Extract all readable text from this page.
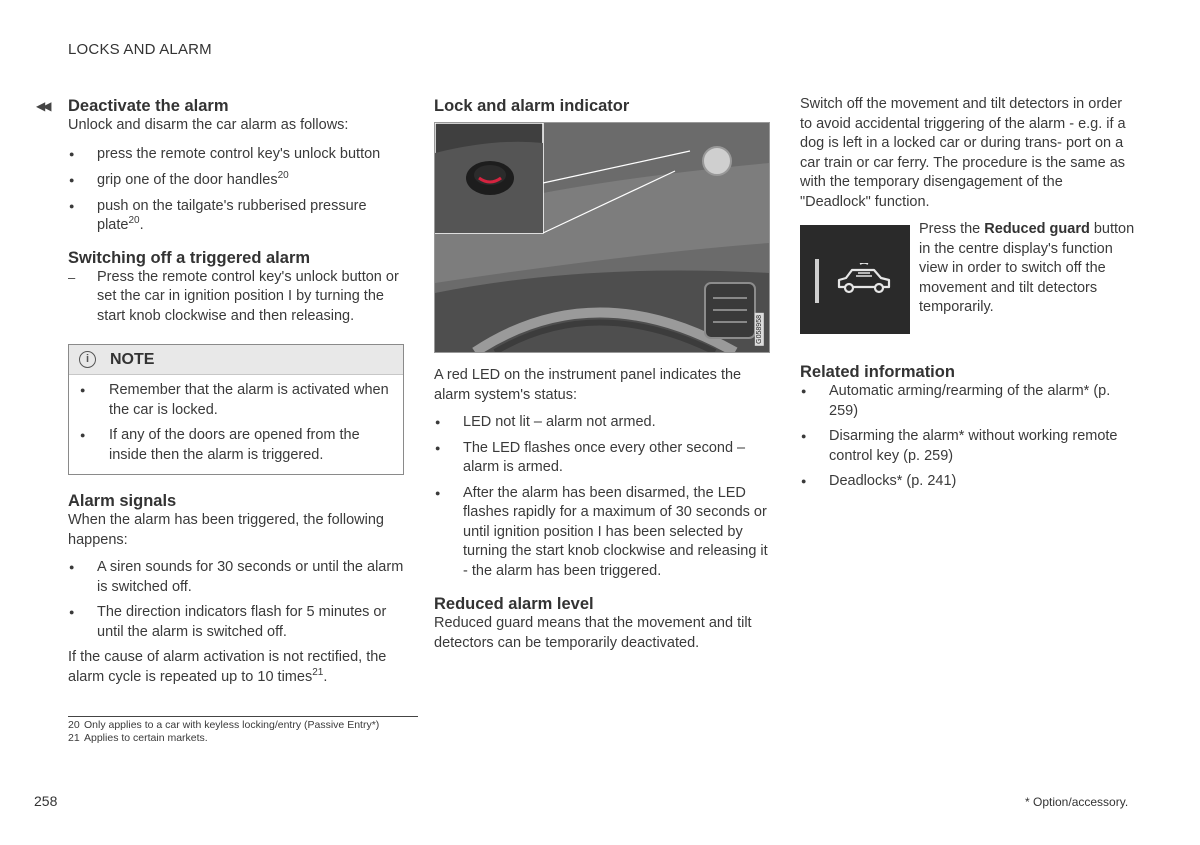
LOCKS AND ALARM
◀◀ Deactivate the alarm

Unlock and disarm the car alarm as follows:

● press the remote control key's unlock button
● grip one of the door handles$^{20}$
● push on the tailgate's rubberised pressure plate$^{20}$.
Switching off a triggered alarm
– Press the remote control key's unlock button or set the car in ignition position I by turning the start knob clockwise and then releasing.
i	NOTE
● Remember that the alarm is activated when the car is locked.
● If any of the doors are opened from the inside then the alarm is triggered.
Alarm signals

When the alarm has been triggered, the following happens:

● A siren sounds for 30 seconds or until the alarm is switched off.
● The direction indicators flash for 5 minutes or until the alarm is switched off.

If the cause of alarm activation is not rectified, the alarm cycle is repeated up to 10 times$^{21}$.

Lock and alarm indicator
G058958

A red LED on the instrument panel indicates the alarm system's status:

● LED not lit – alarm not armed.
● The LED flashes once every other second – alarm is armed.
● After the alarm has been disarmed, the LED flashes rapidly for a maximum of 30 seconds or until ignition position I has been selected by turning the start knob clockwise and releasing it - the alarm has been triggered.
Reduced alarm level

Reduced guard means that the movement and tilt detectors can be temporarily deactivated.

Switch off the movement and tilt detectors in order to avoid accidental triggering of the alarm - e.g. if a dog is left in a locked car or during trans- port on a car train or car ferry. The procedure is the same as with the temporary disengagement of the "Deadlock" function.

Press the Reduced guard button in the centre display's function view in order to switch off the movement and tilt detectors temporarily.

Related information
● Automatic arming/rearming of the alarm* (p. 259)
● Disarming the alarm* without working remote control key (p. 259)
● Deadlocks* (p. 241)
20 Only applies to a car with keyless locking/entry (Passive Entry*)
21 Applies to certain markets.
258	* Option/accessory.
